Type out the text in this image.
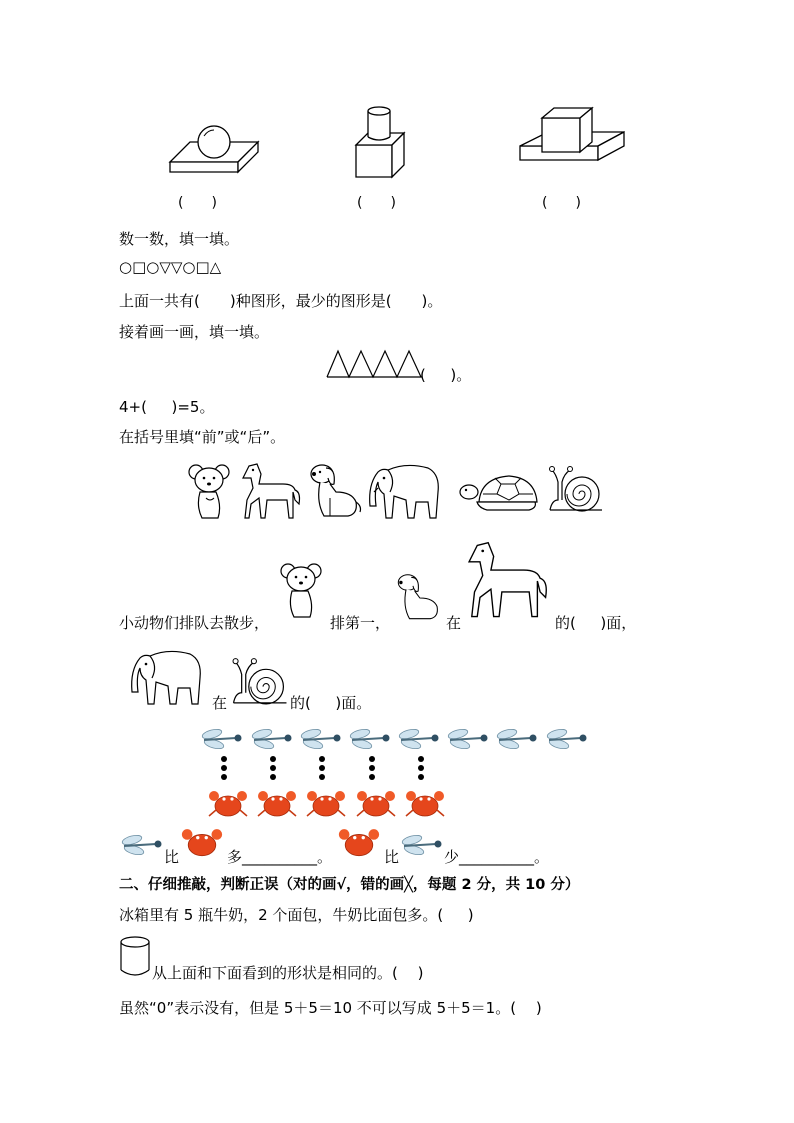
(　　)	(　　)	(　　)
数一数，填一填。
○□○▽▽○□△
上面一共有(　　)种图形，最少的图形是(　　)。
接着画一画，填一填。
(　  )。
4+(　  )=5。
在括号里填“前”或“后”。
小动物们排队去散步，	排第一，	在	的(　  )面，
在	的(　  )面。
比	多__________。	比	少__________。
二、仔细推敲，判断正误（对的画√，错的画╳，每题 2 分，共 10 分）
冰箱里有 5 瓶牛奶，2 个面包，牛奶比面包多。(　  )
从上面和下面看到的形状是相同的。(　 )
虽然“0”表示没有，但是 5＋5＝10 不可以写成 5＋5＝1。(　 )
